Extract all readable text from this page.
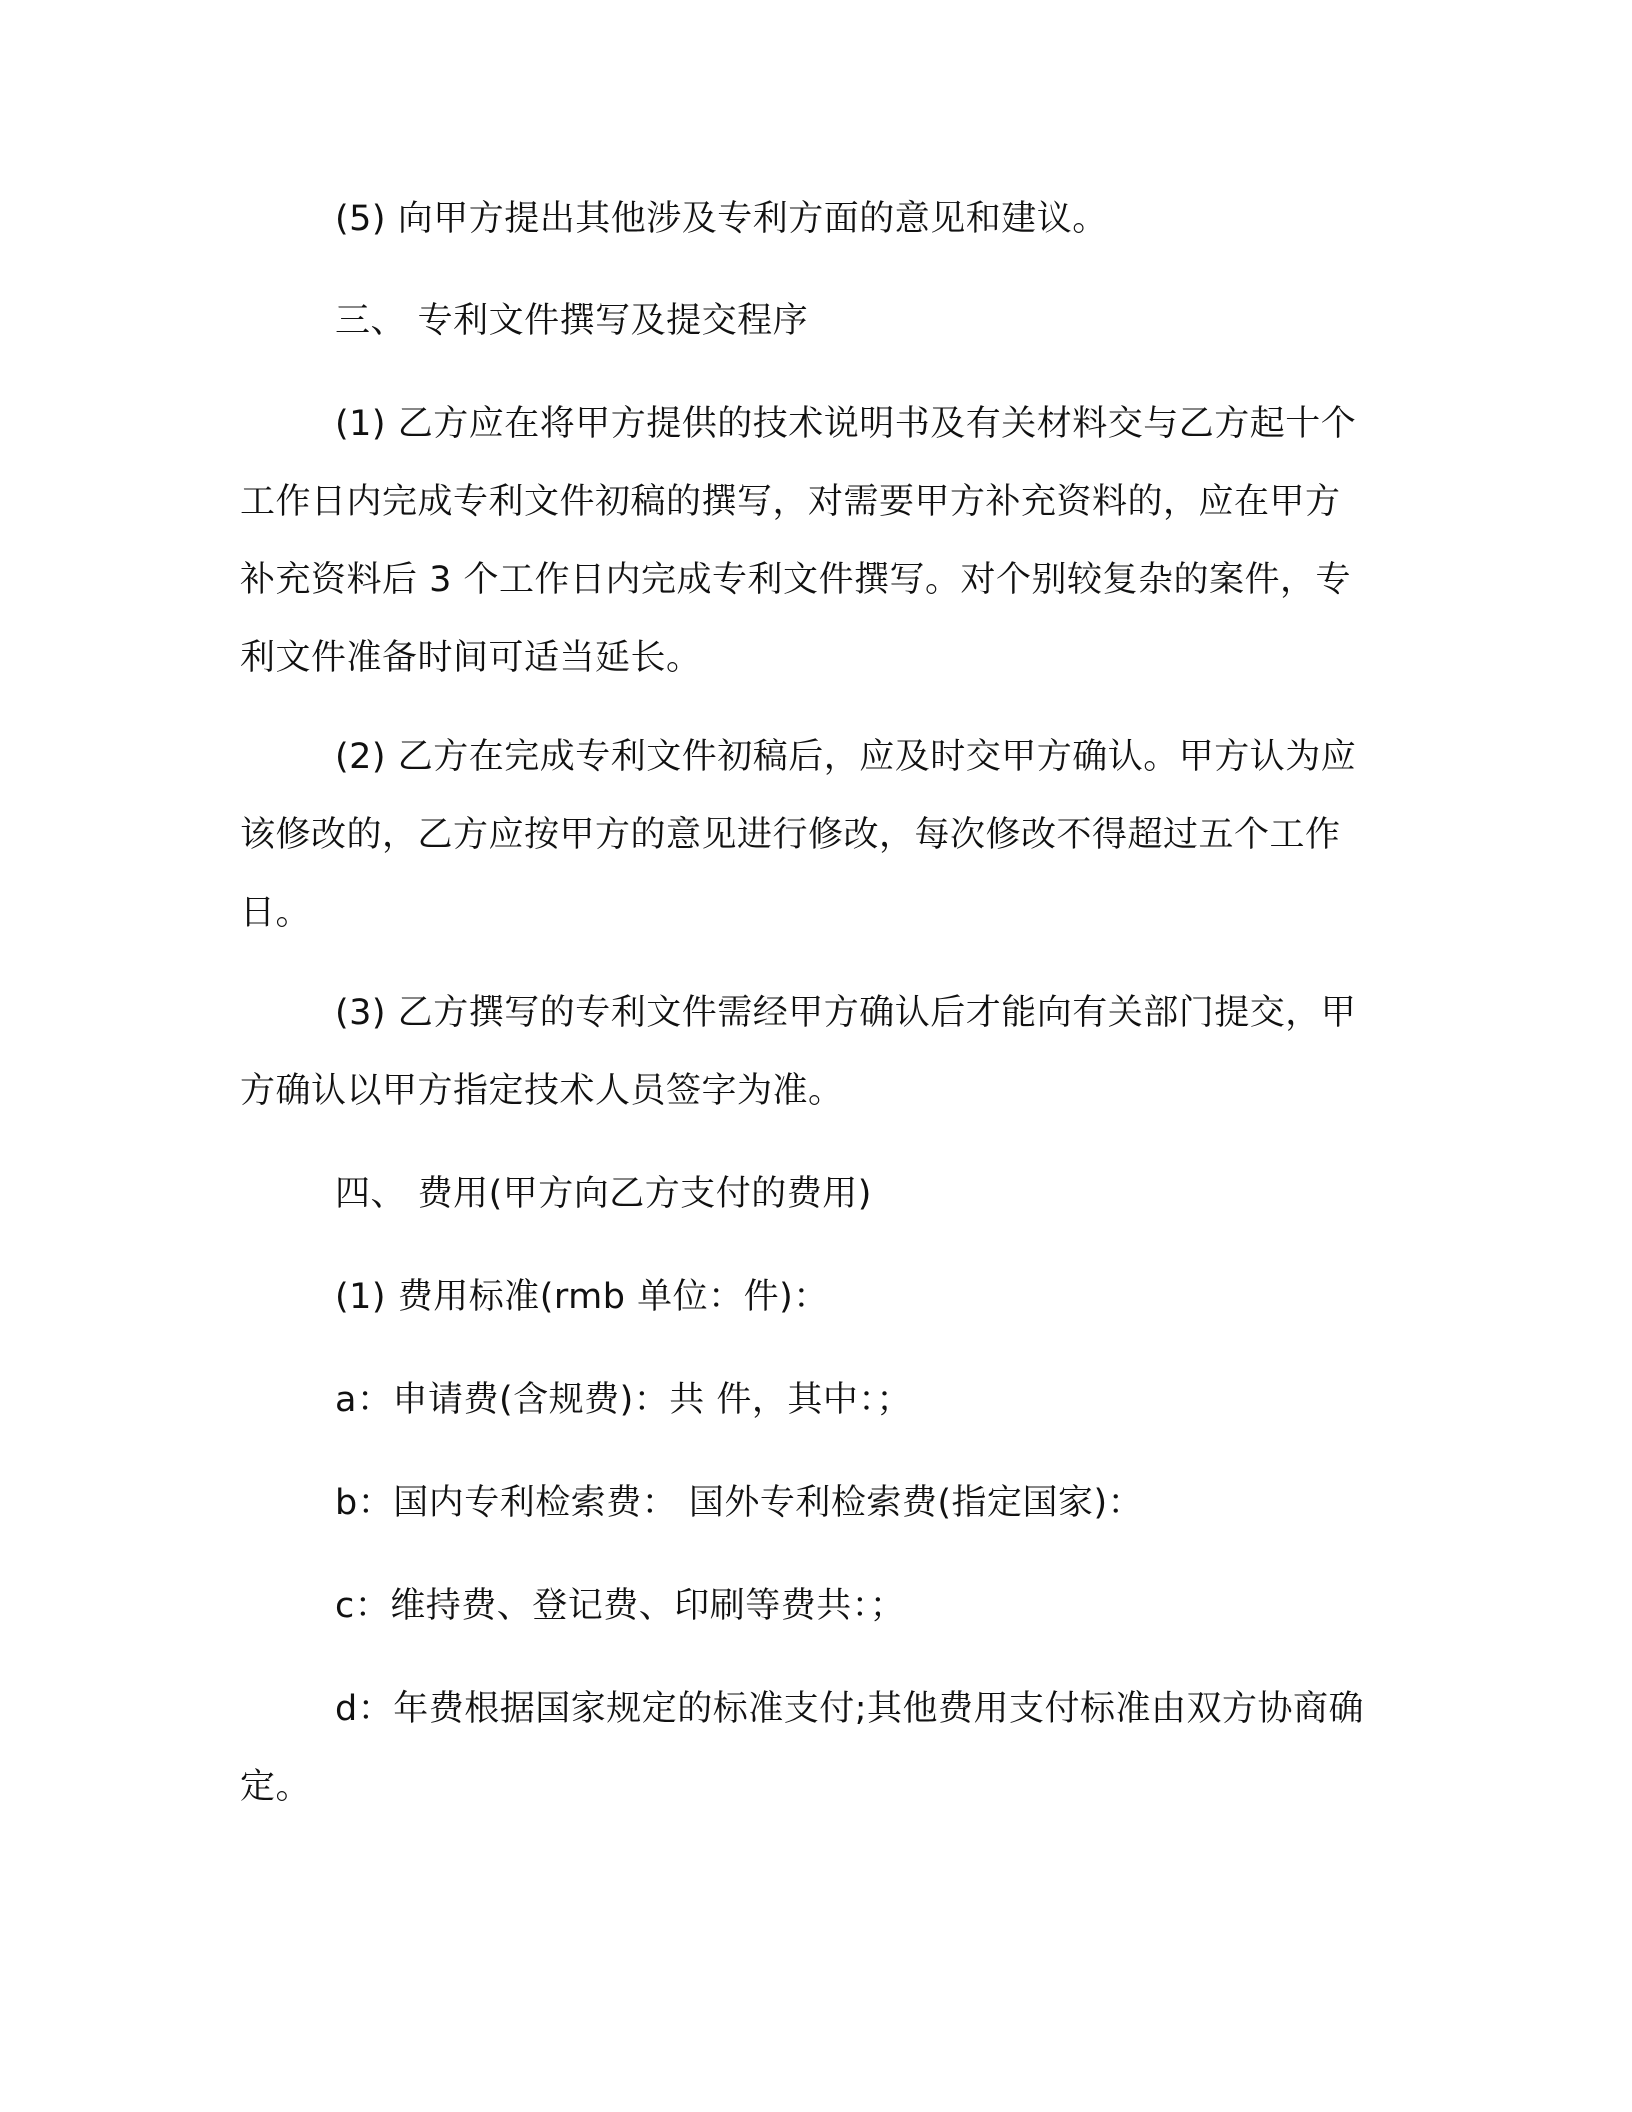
(5) 向甲方提出其他涉及专利方面的意见和建议。

三、 专利文件撰写及提交程序

(1) 乙方应在将甲方提供的技术说明书及有关材料交与乙方起十个工作日内完成专利文件初稿的撰写，对需要甲方补充资料的，应在甲方补充资料后 3 个工作日内完成专利文件撰写。对个别较复杂的案件，专利文件准备时间可适当延长。

(2) 乙方在完成专利文件初稿后，应及时交甲方确认。甲方认为应该修改的，乙方应按甲方的意见进行修改，每次修改不得超过五个工作日。

(3) 乙方撰写的专利文件需经甲方确认后才能向有关部门提交，甲方确认以甲方指定技术人员签字为准。

四、 费用(甲方向乙方支付的费用)

(1) 费用标准(rmb 单位：件)：

a：申请费(含规费)：共 件，其中：；

b：国内专利检索费： 国外专利检索费(指定国家)：

c：维持费、登记费、印刷等费共：；

d：年费根据国家规定的标准支付;其他费用支付标准由双方协商确定。
